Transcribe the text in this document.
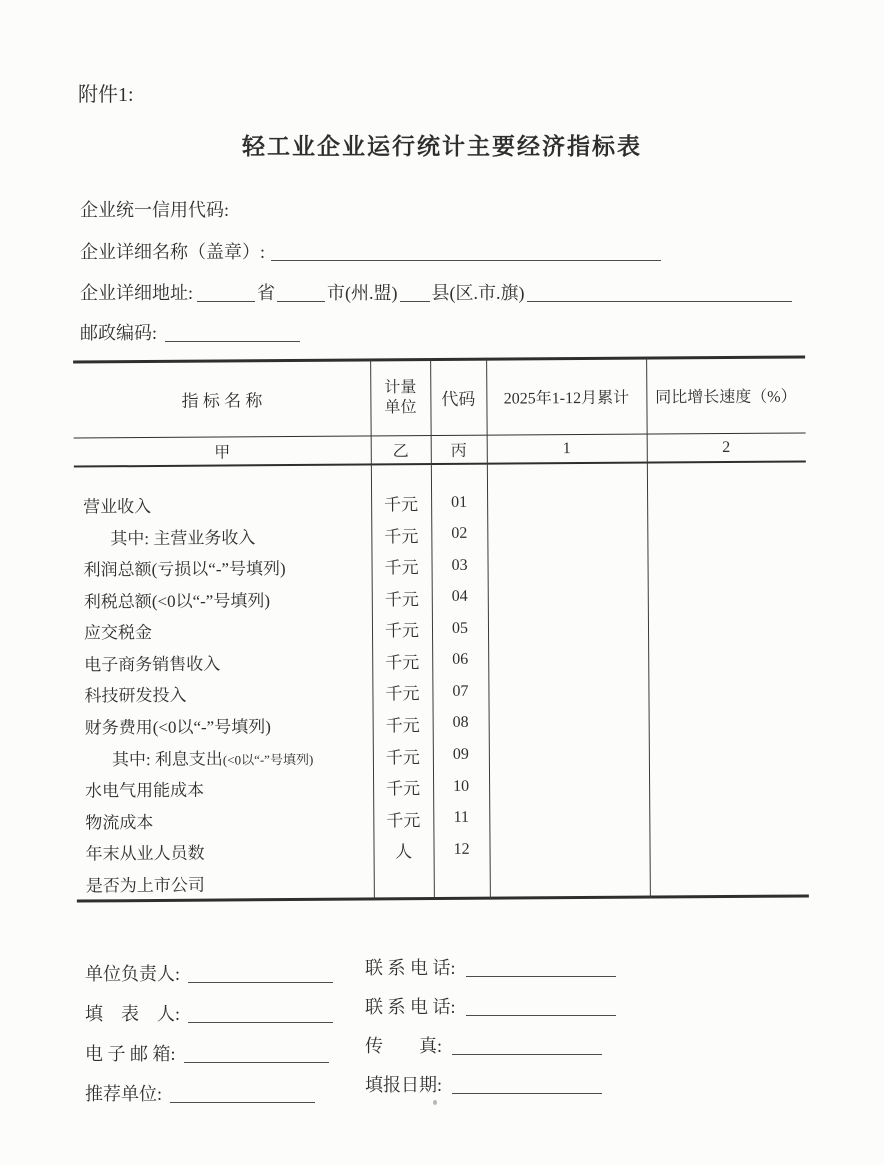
附件1:
轻工业企业运行统计主要经济指标表
企业统一信用代码:
企业详细名称（盖章）:
企业详细地址:	省	市(州.盟) 县(区.市.旗)
邮政编码:
指 标 名 称
计量
单位	代码	2025年1-12月累计	同比增长速度（%）
甲	乙	丙	1	2
营业收入	千元	01
其中: 主营业务收入	千元	02
利润总额(亏损以“-”号填列)	千元	03
利税总额(<0以“-”号填列)	千元	04
应交税金	千元	05
电子商务销售收入	千元	06
科技研发投入	千元	07
财务费用(<0以“-”号填列)	千元	08
其中: 利息支出(<0以“-”号填列)	千元	09
水电气用能成本	千元	10
物流成本	千元	11
年末从业人员数	人	12
是否为上市公司
单位负责人:
填　表　人:
电 子 邮 箱:
推荐单位:
联 系 电 话:
联 系 电 话:
传　　真:
填报日期:
